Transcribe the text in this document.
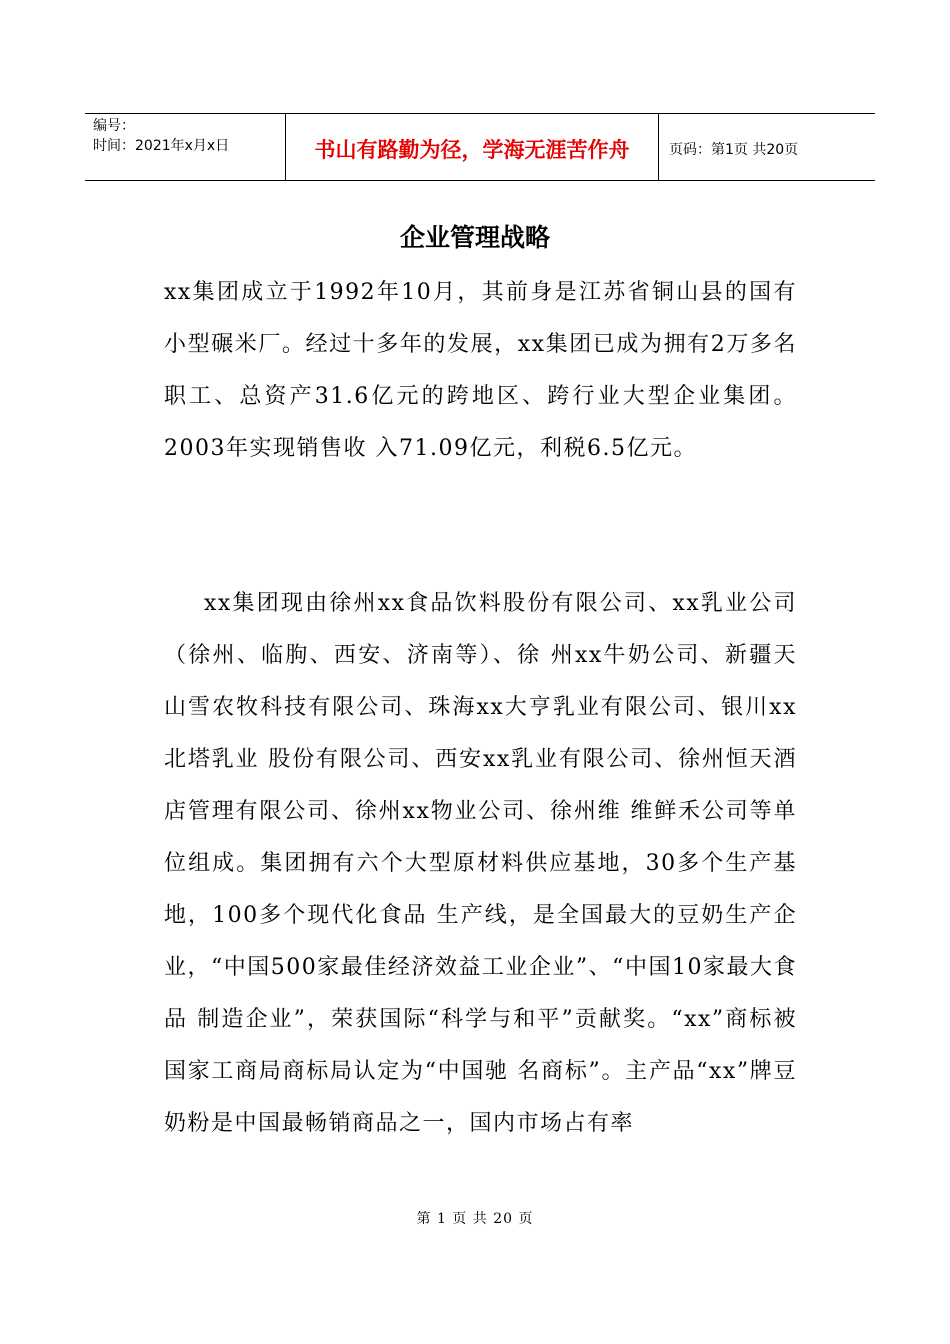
编号：
时间：2021年x月x日	书山有路勤为径，学海无涯苦作舟	页码：第1页 共20页
企业管理战略

xx集团成立于1992年10月，其前身是江苏省铜山县的国有小型碾米厂。经过十多年的发展，xx集团已成为拥有2万多名职工、总资产31.6亿元的跨地区、跨行业大型企业集团。2003年实现销售收 入71.09亿元，利税6.5亿元。

xx集团现由徐州xx食品饮料股份有限公司、xx乳业公司（徐州、临朐、西安、济南等）、徐 州xx牛奶公司、新疆天山雪农牧科技有限公司、珠海xx大亨乳业有限公司、银川xx北塔乳业 股份有限公司、西安xx乳业有限公司、徐州恒天酒店管理有限公司、徐州xx物业公司、徐州维 维鲜禾公司等单位组成。集团拥有六个大型原材料供应基地，30多个生产基地，100多个现代化食品 生产线，是全国最大的豆奶生产企业，“中国500家最佳经济效益工业企业”、“中国10家最大食品 制造企业”，荣获国际“科学与和平”贡献奖。“xx”商标被国家工商局商标局认定为“中国驰 名商标”。主产品“xx”牌豆奶粉是中国最畅销商品之一，国内市场占有率

第 1 页 共 20 页
